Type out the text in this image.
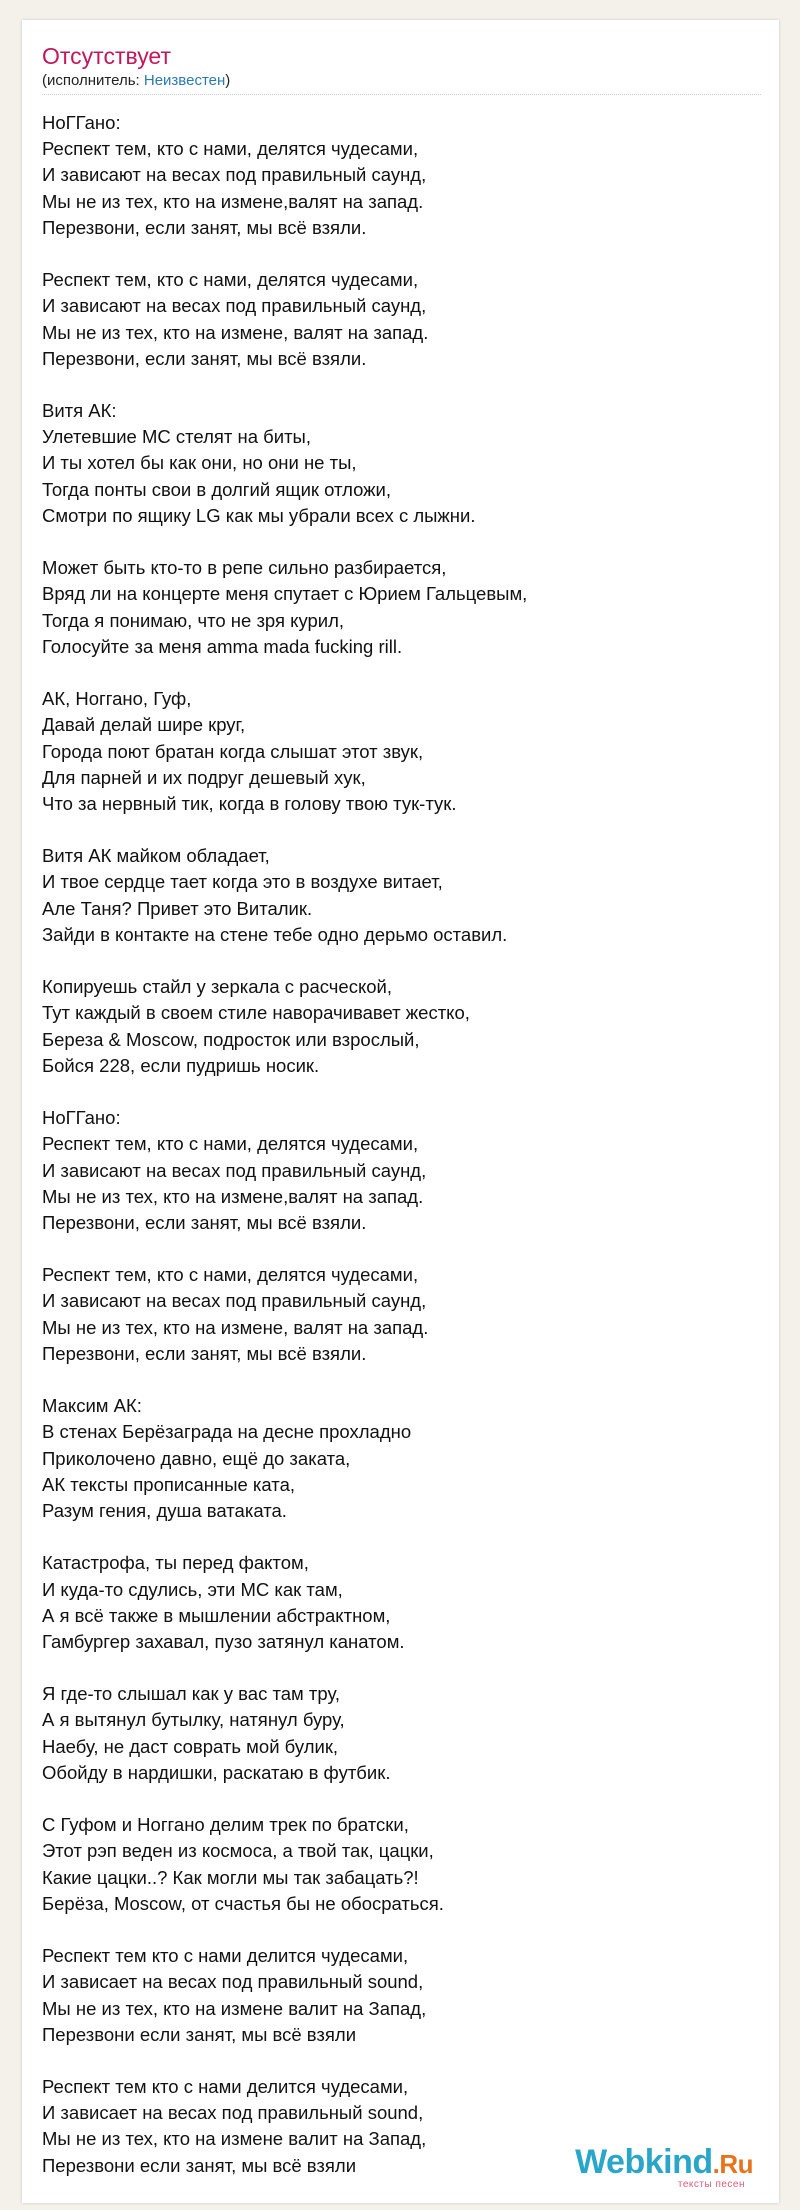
Отсутствует
(исполнитель: Неизвестен)
НоГГано:
Респект тем, кто с нами, делятся чудесами,
И зависают на весах под правильный саунд,
Мы не из тех, кто на измене,валят на запад.
Перезвони, если занят, мы всё взяли.
Респект тем, кто с нами, делятся чудесами,
И зависают на весах под правильный саунд,
Мы не из тех, кто на измене, валят на запад.
Перезвони, если занят, мы всё взяли.
Витя АК:
Улетевшие МС стелят на биты,
И ты хотел бы как они, но они не ты,
Тогда понты свои в долгий ящик отложи,
Смотри по ящику LG как мы убрали всех с лыжни.
Может быть кто-то в репе сильно разбирается,
Вряд ли на концерте меня спутает с Юрием Гальцевым,
Тогда я понимаю, что не зря курил,
Голосуйте за меня amma mada fucking rill.
АК, Ноггано, Гуф,
Давай делай шире круг,
Города поют братан когда слышат этот звук,
Для парней и их подруг дешевый хук,
Что за нервный тик, когда в голову твою тук-тук.
Витя АК майком обладает,
И твое сердце тает когда это в воздухе витает,
Але Таня? Привет это Виталик.
Зайди в контакте на стене тебе одно дерьмо оставил.
Копируешь стайл у зеркала с расческой,
Тут каждый в своем стиле наворачивавет жестко,
Береза & Moscow, подросток или взрослый,
Бойся 228, если пудришь носик.
НоГГано:
Респект тем, кто с нами, делятся чудесами,
И зависают на весах под правильный саунд,
Мы не из тех, кто на измене,валят на запад.
Перезвони, если занят, мы всё взяли.
Респект тем, кто с нами, делятся чудесами,
И зависают на весах под правильный саунд,
Мы не из тех, кто на измене, валят на запад.
Перезвони, если занят, мы всё взяли.
Максим АК:
В стенах Берёзаграда на десне прохладно
Приколочено давно, ещё до заката,
АК тексты прописанные ката,
Разум гения, душа ватаката.
Катастрофа, ты перед фактом,
И куда-то сдулись, эти МС как там,
А я всё также в мышлении абстрактном,
Гамбургер захавал, пузо затянул канатом.
Я где-то слышал как у вас там тру,
А я вытянул бутылку, натянул буру,
Наебу, не даст соврать мой булик,
Обойду в нардишки, раскатаю в футбик.
С Гуфом и Ноггано делим трек по братски,
Этот рэп веден из космоса, а твой так, цацки,
Какие цацки..? Как могли мы так забацать?!
Берёза, Moscow, от счастья бы не обосраться.
Респект тем кто с нами делится чудесами,
И зависает на весах под правильный sound,
Мы не из тех, кто на измене валит на Запад,
Перезвони если занят, мы всё взяли
Респект тем кто с нами делится чудесами,
И зависает на весах под правильный sound,
Мы не из тех, кто на измене валит на Запад,
Перезвони если занят, мы всё взяли	Webkind.Ru
тексты песен
